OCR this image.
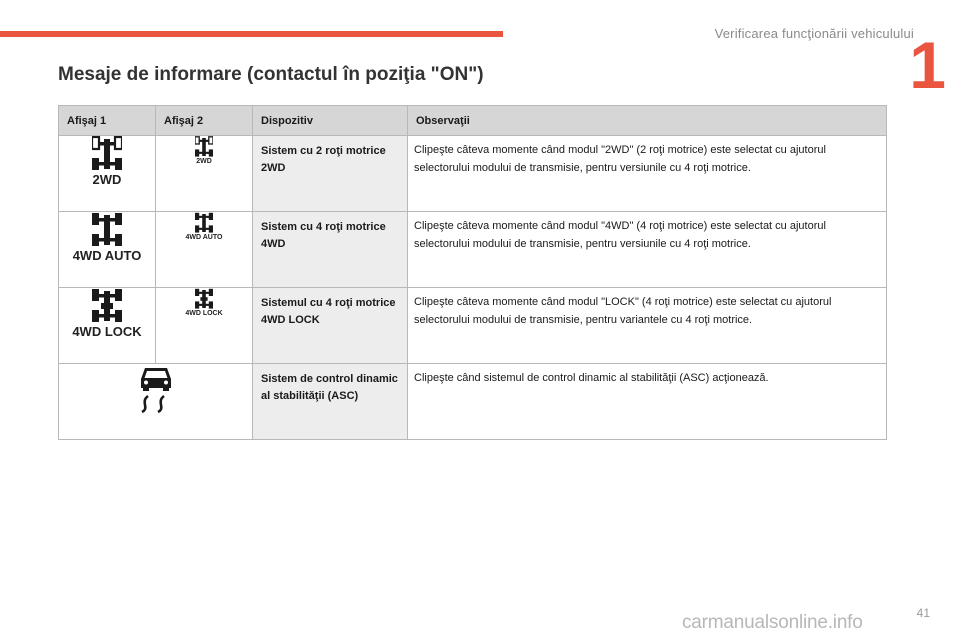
Verificarea funcţionării vehiculului
1
Mesaje de informare (contactul în poziţia "ON")
Afişaj 1	Afişaj 2	Dispozitiv	Observaţii

2WD	2WD	Sistem cu 2 roţi motrice 2WD	Clipeşte câteva momente când modul "2WD" (2 roţi motrice) este selectat cu ajutorul selectorului modului de transmisie, pentru versiunile cu 4 roţi motrice.

4WD AUTO	4WD AUTO	Sistem cu 4 roţi motrice 4WD	Clipeşte câteva momente când modul "4WD" (4 roţi motrice) este selectat cu ajutorul selectorului modului de transmisie, pentru versiunile cu 4 roţi motrice.

4WD LOCK	4WD LOCK	Sistemul cu 4 roţi motrice 4WD LOCK	Clipeşte câteva momente când modul "LOCK" (4 roţi motrice) este selectat cu ajutorul selectorului modului de transmisie, pentru variantele cu 4 roţi motrice.
	Sistem de control dinamic al stabilităţii (ASC)	Clipeşte când sistemul de control dinamic al stabilităţii (ASC) acţionează.
carmanualsonline.info	41
